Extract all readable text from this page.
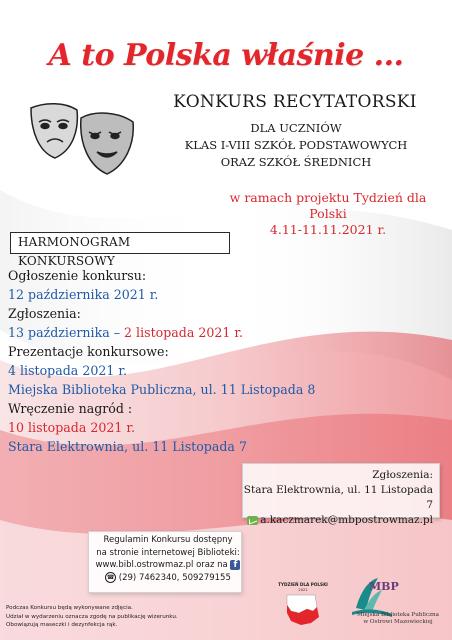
A to Polska właśnie ...
KONKURS RECYTATORSKI
DLA UCZNIÓW
KLAS I-VIII SZKÓŁ PODSTAWOWYCH
ORAZ SZKÓŁ ŚREDNICH
w ramach projektu Tydzień dla Polski
4.11-11.11.2021 r.
HARMONOGRAM KONKURSOWY
Ogłoszenie konkursu:
12 października 2021 r.
Zgłoszenia:
13 października – 2 listopada 2021 r.
Prezentacje konkursowe:
4 listopada 2021 r.
Miejska Biblioteka Publiczna, ul. 11 Listopada 8
Wręczenie nagród :
10 listopada 2021 r.
Stara Elektrownia, ul. 11 Listopada 7
Zgłoszenia:
Stara Elektrownia, ul. 11 Listopada 7
a.kaczmarek@mbpostrowmaz.pl
Regulamin Konkursu dostępny
na stronie internetowej Biblioteki:
www.bibl.ostrowmaz.pl oraz na f
☎ (29) 7462340, 509279155
Podczas Konkursu będą wykonywane zdjęcia.
Udział w wydarzeniu oznacza zgodę na publikację wizerunku.
Obowiązują maseczki i dezynfekcja rąk.
TYDZIEŃ DLA POLSKI
2021	MBP
Miejska Biblioteka Publiczna
w Ostrowi Mazowieckiej
